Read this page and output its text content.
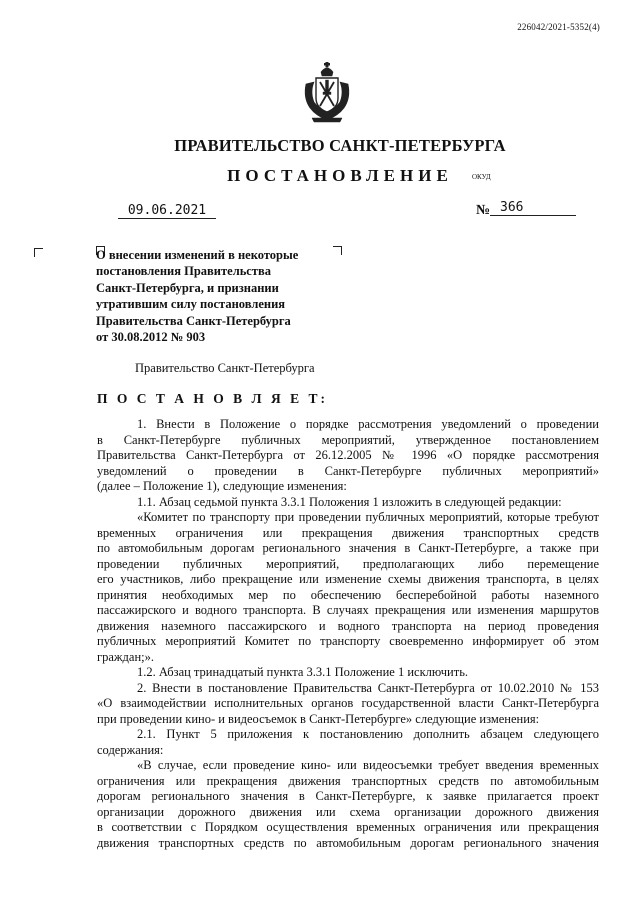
226042/2021-5352(4)
ПРАВИТЕЛЬСТВО САНКТ-ПЕТЕРБУРГА
ПОСТАНОВЛЕНИЕ	ОКУД
09.06.2021	№ 366
О внесении изменений в некоторые
постановления Правительства
Санкт-Петербурга, и признании
утратившим силу постановления
Правительства Санкт-Петербурга
от 30.08.2012 № 903
Правительство Санкт-Петербурга
П О С Т А Н О В Л Я Е Т:
1. Внести в Положение о порядке рассмотрения уведомлений о проведении
в Санкт-Петербурге публичных мероприятий, утвержденное постановлением
Правительства Санкт-Петербурга от 26.12.2005 № 1996 «О порядке рассмотрения
уведомлений о проведении в Санкт-Петербурге публичных мероприятий»
(далее – Положение 1), следующие изменения:
1.1. Абзац седьмой пункта 3.3.1 Положения 1 изложить в следующей редакции:
«Комитет по транспорту при проведении публичных мероприятий, которые требуют
временных ограничения или прекращения движения транспортных средств
по автомобильным дорогам регионального значения в Санкт-Петербурге, а также при
проведении публичных мероприятий, предполагающих либо перемещение
его участников, либо прекращение или изменение схемы движения транспорта, в целях
принятия необходимых мер по обеспечению бесперебойной работы наземного
пассажирского и водного транспорта. В случаях прекращения или изменения маршрутов
движения наземного пассажирского и водного транспорта на период проведения
публичных мероприятий Комитет по транспорту своевременно информирует об этом
граждан;».
1.2. Абзац тринадцатый пункта 3.3.1 Положение 1 исключить.
2. Внести в постановление Правительства Санкт-Петербурга от 10.02.2010 № 153
«О взаимодействии исполнительных органов государственной власти Санкт-Петербурга
при проведении кино- и видеосъемок в Санкт-Петербурге» следующие изменения:
2.1. Пункт 5 приложения к постановлению дополнить абзацем следующего
содержания:
«В случае, если проведение кино- или видеосъемки требует введения временных
ограничения или прекращения движения транспортных средств по автомобильным
дорогам регионального значения в Санкт-Петербурге, к заявке прилагается проект
организации дорожного движения или схема организации дорожного движения
в соответствии с Порядком осуществления временных ограничения или прекращения
движения транспортных средств по автомобильным дорогам регионального значения
